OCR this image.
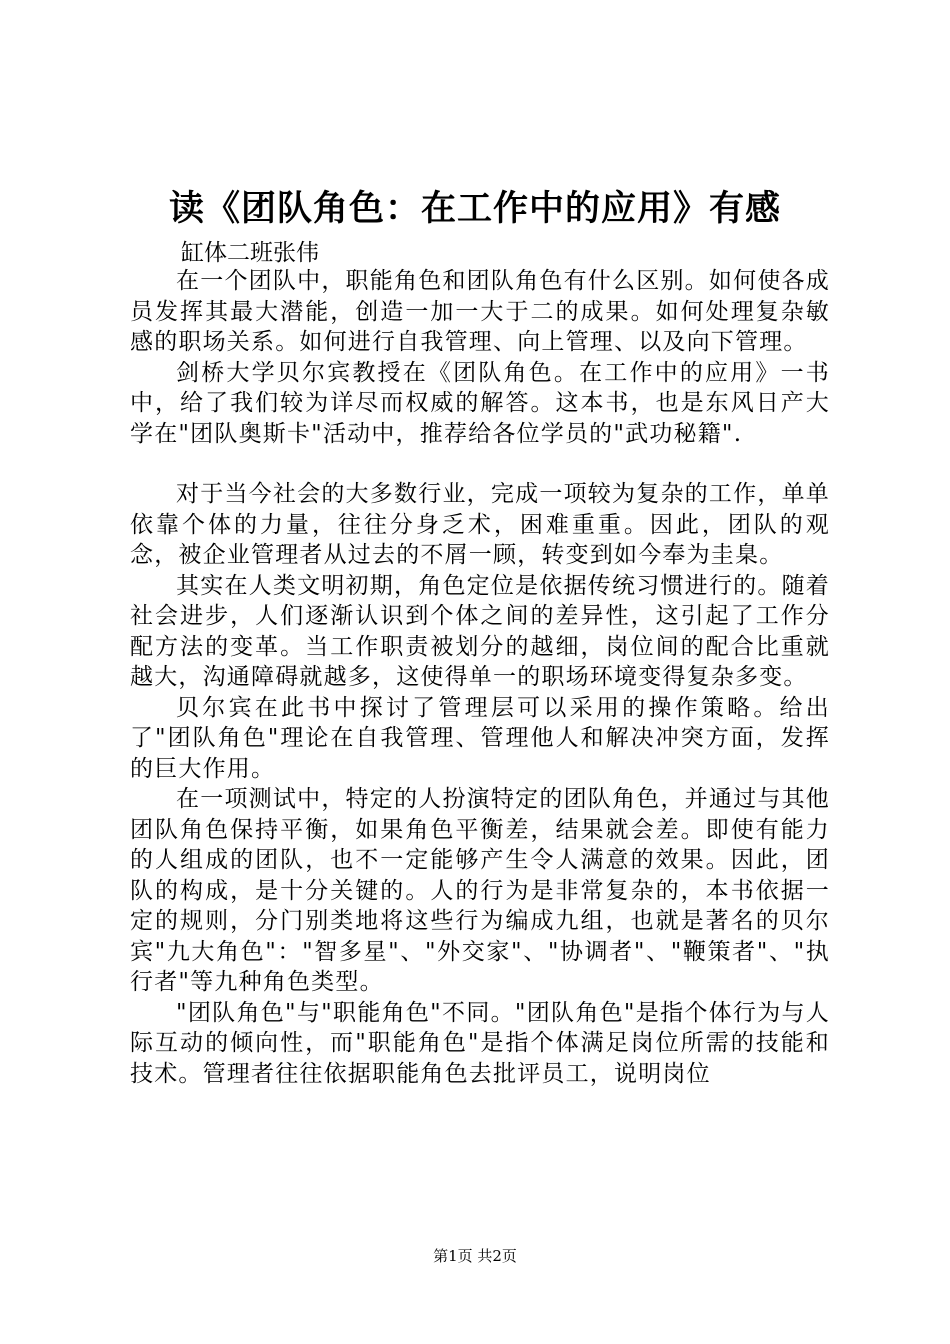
读《团队角色：在工作中的应用》有感

缸体二班张伟

在一个团队中，职能角色和团队角色有什么区别。如何使各成员发挥其最大潜能，创造一加一大于二的成果。如何处理复杂敏感的职场关系。如何进行自我管理、向上管理、以及向下管理。

剑桥大学贝尔宾教授在《团队角色。在工作中的应用》一书中，给了我们较为详尽而权威的解答。这本书，也是东风日产大学在"团队奥斯卡"活动中，推荐给各位学员的"武功秘籍".

对于当今社会的大多数行业，完成一项较为复杂的工作，单单依靠个体的力量，往往分身乏术，困难重重。因此，团队的观念，被企业管理者从过去的不屑一顾，转变到如今奉为圭臬。

其实在人类文明初期，角色定位是依据传统习惯进行的。随着社会进步，人们逐渐认识到个体之间的差异性，这引起了工作分配方法的变革。当工作职责被划分的越细，岗位间的配合比重就越大，沟通障碍就越多，这使得单一的职场环境变得复杂多变。

贝尔宾在此书中探讨了管理层可以采用的操作策略。给出了"团队角色"理论在自我管理、管理他人和解决冲突方面，发挥的巨大作用。

在一项测试中，特定的人扮演特定的团队角色，并通过与其他团队角色保持平衡，如果角色平衡差，结果就会差。即使有能力的人组成的团队，也不一定能够产生令人满意的效果。因此，团队的构成，是十分关键的。人的行为是非常复杂的，本书依据一定的规则，分门别类地将这些行为编成九组，也就是著名的贝尔宾"九大角色"："智多星"、"外交家"、"协调者"、"鞭策者"、"执行者"等九种角色类型。

"团队角色"与"职能角色"不同。"团队角色"是指个体行为与人际互动的倾向性，而"职能角色"是指个体满足岗位所需的技能和技术。管理者往往依据职能角色去批评员工，说明岗位

第1页 共2页
